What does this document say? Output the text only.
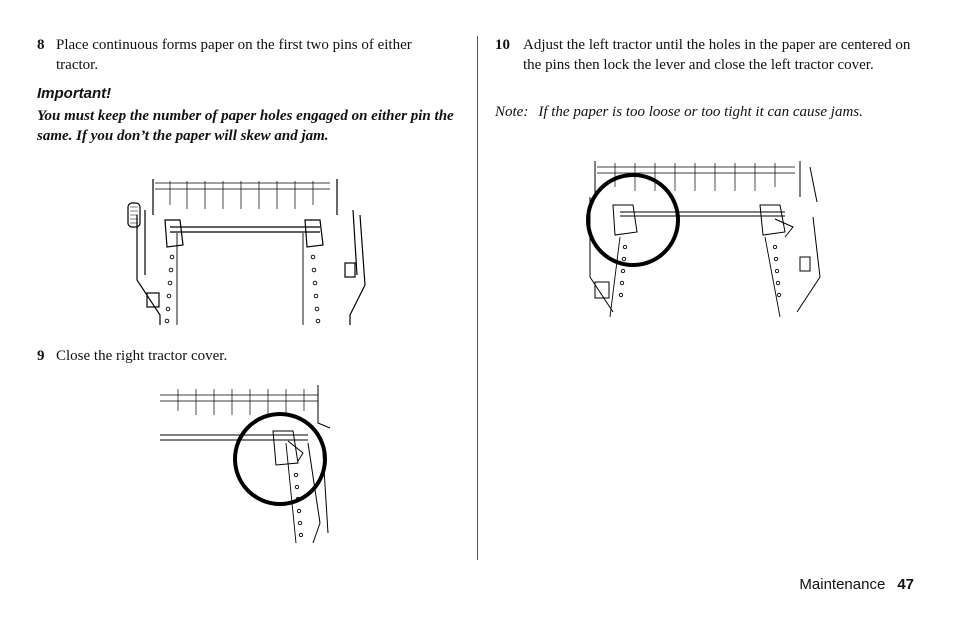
8 Place continuous forms paper on the first two pins of either tractor.
Important!
You must keep the number of paper holes engaged on either pin the same. If you don’t the paper will skew and jam.
9 Close the right tractor cover.
10 Adjust the left tractor until the holes in the paper are centered on the pins then lock the lever and close the left tractor cover.
Note: If the paper is too loose or too tight it can cause jams.
Maintenance 47
